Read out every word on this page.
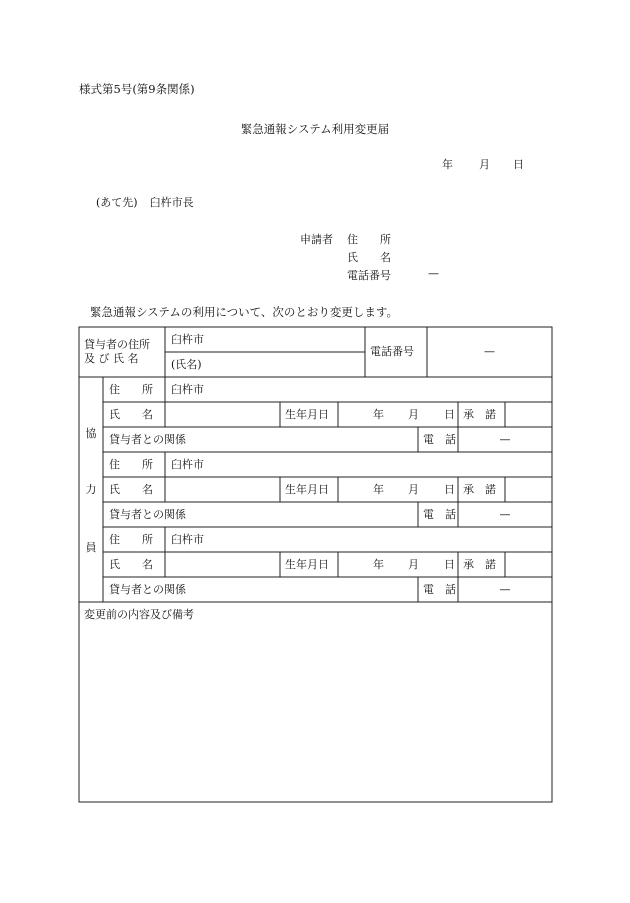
様式第5号(第9条関係)
緊急通報システム利用変更届
年 月 日
(あて先) 臼杵市長
申請者 住　　所
氏　　名
電話番号	—
緊急通報システムの利用について、次のとおり変更します。
貸与者の住所
及 び 氏 名
臼杵市
(氏名)
電話番号	—
協
力
員
住　　所 臼杵市
氏　　名	生年月日	年 月 日 承　諾
貸与者との関係	電　話	—
住　　所 臼杵市
氏　　名	生年月日	年 月 日 承　諾
貸与者との関係	電　話	—
住　　所 臼杵市
氏　　名	生年月日	年 月 日 承　諾
貸与者との関係	電　話	—
変更前の内容及び備考
